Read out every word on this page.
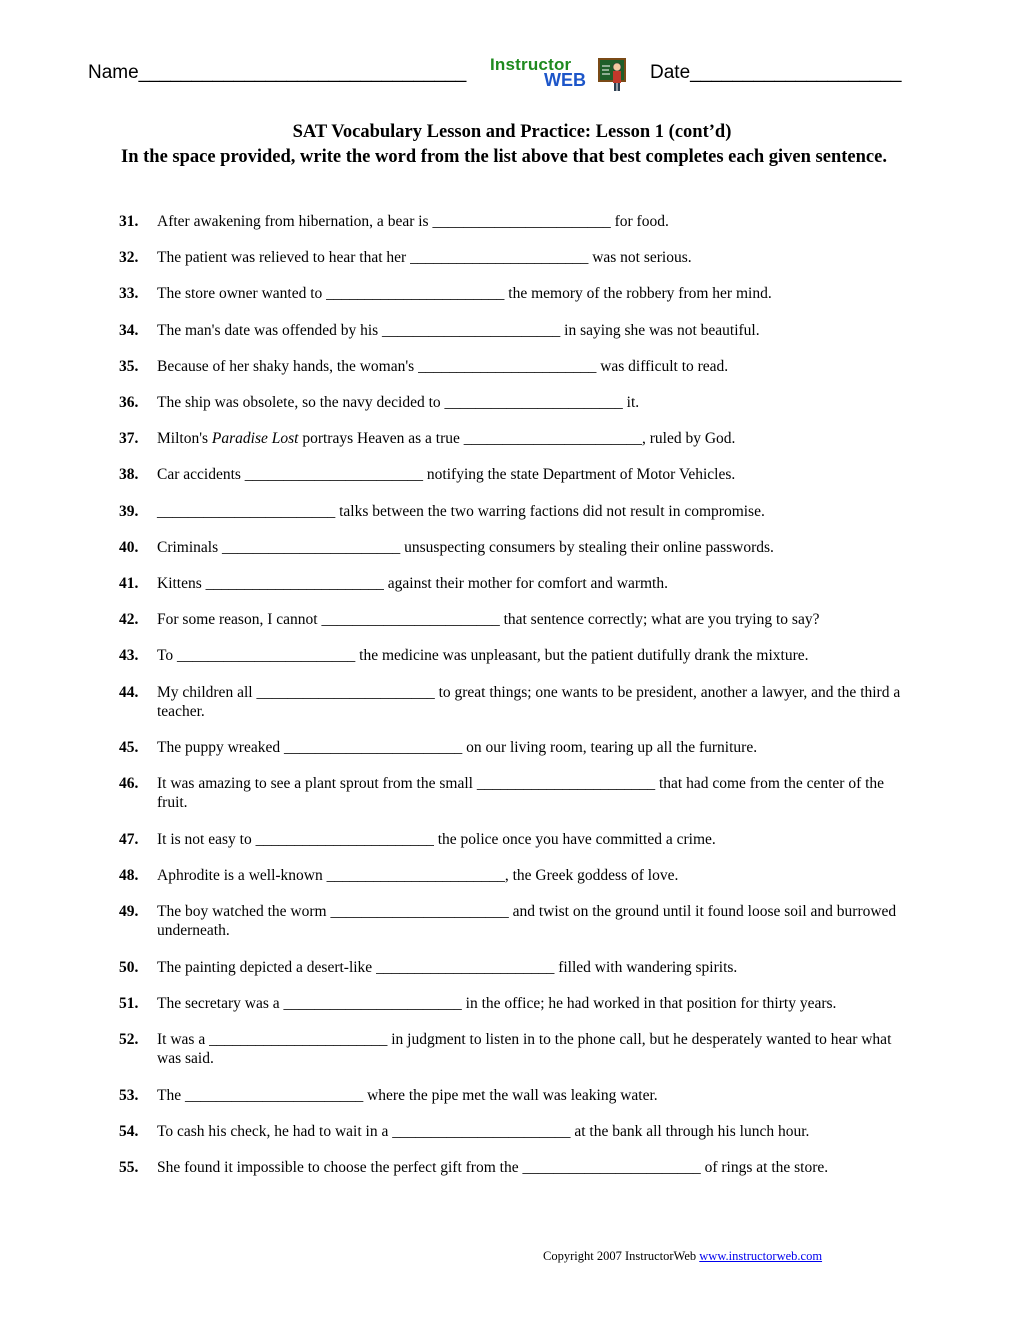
Name_______________________________ Instructor
WEB	Date____________________
SAT Vocabulary Lesson and Practice: Lesson 1 (cont’d)
In the space provided, write the word from the list above that best completes each given sentence.
31. After awakening from hibernation, a bear is _______________________ for food.
32. The patient was relieved to hear that her _______________________ was not serious.
33. The store owner wanted to _______________________ the memory of the robbery from her mind.
34. The man's date was offended by his _______________________ in saying she was not beautiful.
35. Because of her shaky hands, the woman's _______________________ was difficult to read.
36. The ship was obsolete, so the navy decided to _______________________ it.
37. Milton's Paradise Lost portrays Heaven as a true _______________________, ruled by God.
38. Car accidents _______________________ notifying the state Department of Motor Vehicles.
39. _______________________ talks between the two warring factions did not result in compromise.
40. Criminals _______________________ unsuspecting consumers by stealing their online passwords.
41. Kittens _______________________ against their mother for comfort and warmth.
42. For some reason, I cannot _______________________ that sentence correctly; what are you trying to say?
43. To _______________________ the medicine was unpleasant, but the patient dutifully drank the mixture.
44. My children all _______________________ to great things; one wants to be president, another a lawyer, and the third a teacher.
45. The puppy wreaked _______________________ on our living room, tearing up all the furniture.
46. It was amazing to see a plant sprout from the small _______________________ that had come from the center of the fruit.
47. It is not easy to _______________________ the police once you have committed a crime.
48. Aphrodite is a well-known _______________________, the Greek goddess of love.
49. The boy watched the worm _______________________ and twist on the ground until it found loose soil and burrowed underneath.
50. The painting depicted a desert-like _______________________ filled with wandering spirits.
51. The secretary was a _______________________ in the office; he had worked in that position for thirty years.
52. It was a _______________________ in judgment to listen in to the phone call, but he desperately wanted to hear what was said.
53. The _______________________ where the pipe met the wall was leaking water.
54. To cash his check, he had to wait in a _______________________ at the bank all through his lunch hour.
55. She found it impossible to choose the perfect gift from the _______________________ of rings at the store.
Copyright 2007 InstructorWeb www.instructorweb.com
